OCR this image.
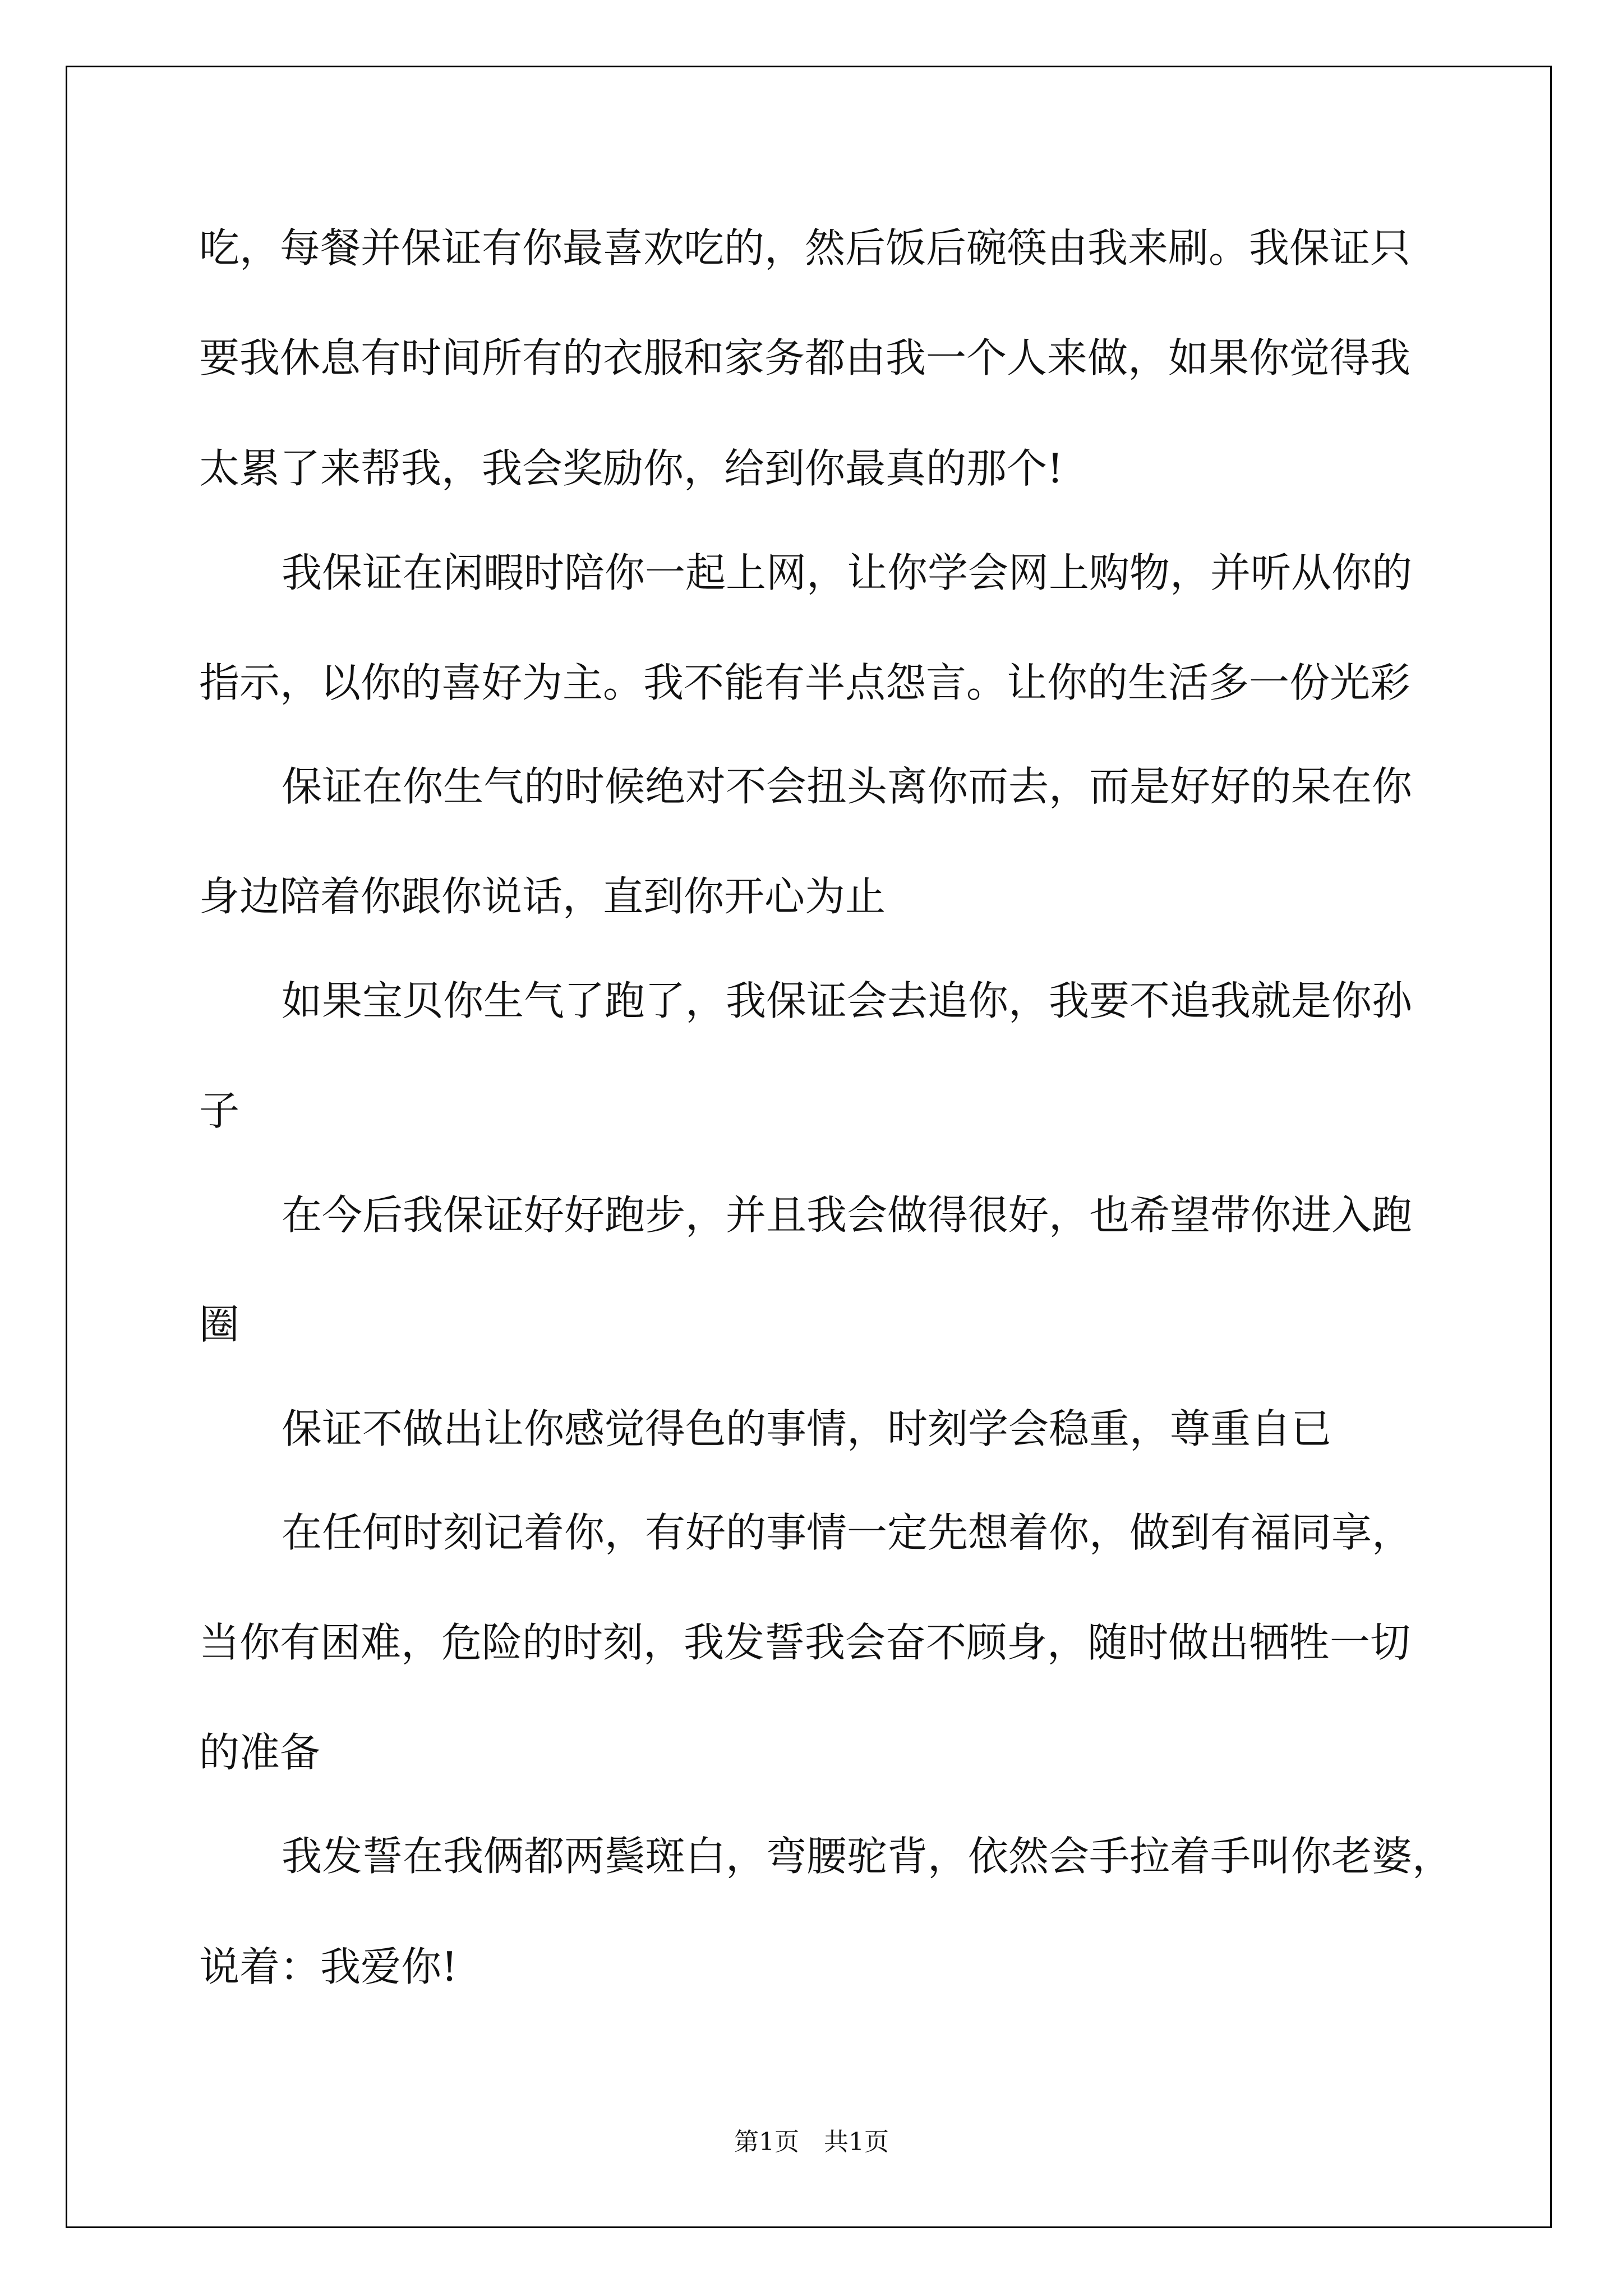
吃，每餐并保证有你最喜欢吃的，然后饭后碗筷由我来刷。我保证只
要我休息有时间所有的衣服和家务都由我一个人来做，如果你觉得我
太累了来帮我，我会奖励你，给到你最真的那个!
我保证在闲暇时陪你一起上网，让你学会网上购物，并听从你的
指示，以你的喜好为主。我不能有半点怨言。让你的生活多一份光彩
保证在你生气的时候绝对不会扭头离你而去，而是好好的呆在你
身边陪着你跟你说话，直到你开心为止
如果宝贝你生气了跑了，我保证会去追你，我要不追我就是你孙
子
在今后我保证好好跑步，并且我会做得很好，也希望带你进入跑
圈
保证不做出让你感觉得色的事情，时刻学会稳重，尊重自已
在任何时刻记着你，有好的事情一定先想着你，做到有福同享，
当你有困难，危险的时刻，我发誓我会奋不顾身，随时做出牺牲一切
的准备
我发誓在我俩都两鬓斑白，弯腰驼背，依然会手拉着手叫你老婆，
说着：我爱你!
第1页　共1页
